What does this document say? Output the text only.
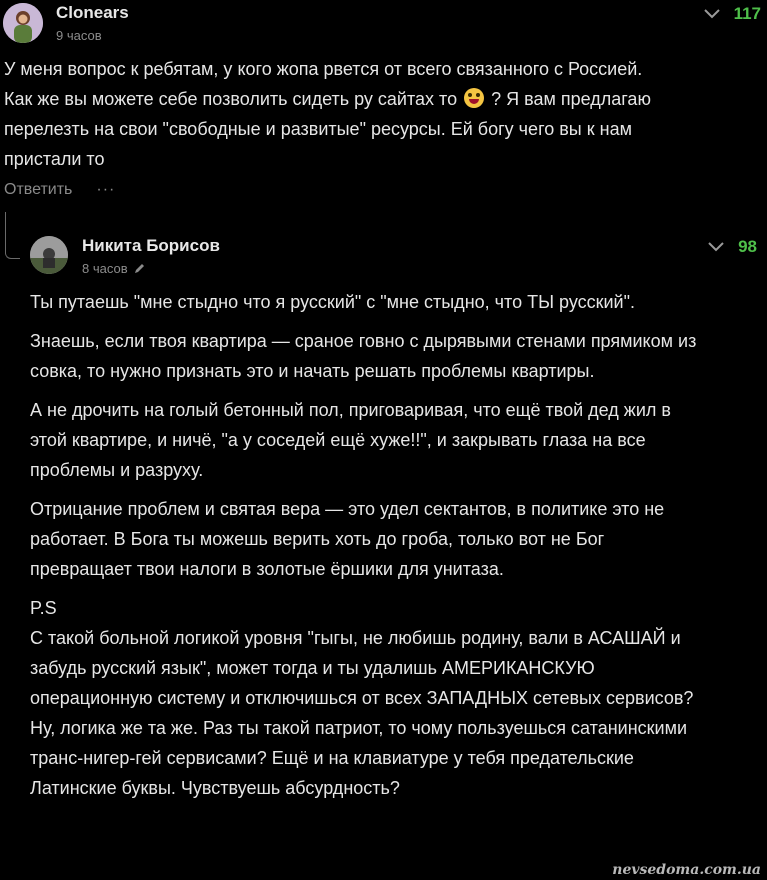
Clonears
9 часов
117
У меня вопрос к ребятам, у кого жопа рвется от всего связанного с Россией. Как же вы можете себе позволить сидеть ру сайтах то  ? Я вам предлагаю перелезть на свои "свободные и развитые" ресурсы. Ей богу чего вы к нам пристали то
Ответить ···
Никита Борисов
8 часов
98

Ты путаешь "мне стыдно что я русский" с "мне стыдно, что ТЫ русский".

Знаешь, если твоя квартира — сраное говно с дырявыми стенами прямиком из совка, то нужно признать это и начать решать проблемы квартиры.

А не дрочить на голый бетонный пол, приговаривая, что ещё твой дед жил в этой квартире, и ничё, "а у соседей ещё хуже!!", и закрывать глаза на все проблемы и разруху.

Отрицание проблем и святая вера — это удел сектантов, в политике это не работает. В Бога ты можешь верить хоть до гроба, только вот не Бог превращает твои налоги в золотые ёршики для унитаза.

P.S

С такой больной логикой уровня "гыгы, не любишь родину, вали в АСАШАЙ и забудь русский язык", может тогда и ты удалишь АМЕРИКАНСКУЮ операционную систему и отключишься от всех ЗАПАДНЫХ сетевых сервисов? Ну, логика же та же. Раз ты такой патриот, то чому пользуешься сатанинскими транс-нигер-гей сервисами? Ещё и на клавиатуре у тебя предательские Латинские буквы. Чувствуешь абсурдность?

nevsedoma.com.ua
